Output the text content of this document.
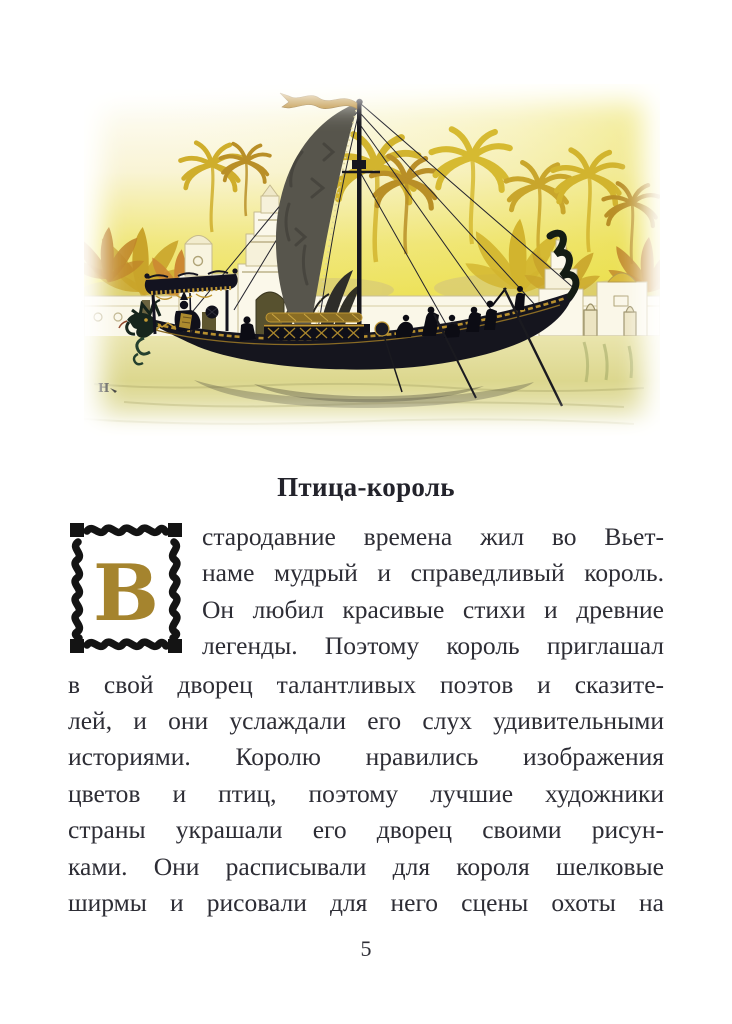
Н
Птица-король
В
стародавние времена жил во Вьет-
наме мудрый и справедливый король.
Он любил красивые стихи и древние
легенды. Поэтому король приглашал
в свой дворец талантливых поэтов и сказите-
лей, и они услаждали его слух удивительными
историями. Королю нравились изображения
цветов и птиц, поэтому лучшие художники
страны украшали его дворец своими рисун-
ками. Они расписывали для короля шелковые
ширмы и рисовали для него сцены охоты на
5
